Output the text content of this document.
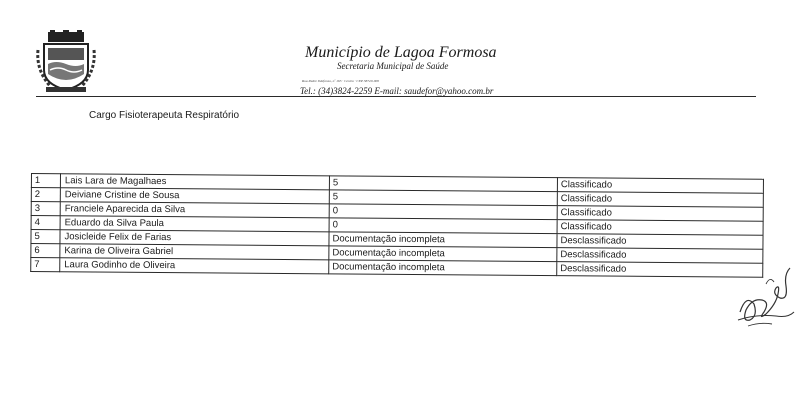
Município de Lagoa Formosa
Secretaria Municipal de Saúde
Rua Padre Ildefonso, nº 165 · Centro · CEP 38720-000
Tel.: (34)3824-2259 E-mail: saudefor@yahoo.com.br
Cargo Fisioterapeuta Respiratório
1	Lais Lara de Magalhaes	5	Classificado
2	Deiviane Cristine de Sousa	5	Classificado
3	Franciele Aparecida da Silva	0	Classificado
4	Eduardo da Silva Paula	0	Classificado
5	Josicleide Felix de Farias	Documentação incompleta	Desclassificado
6	Karina de Oliveira Gabriel	Documentação incompleta	Desclassificado
7	Laura Godinho de Oliveira	Documentação incompleta	Desclassificado
